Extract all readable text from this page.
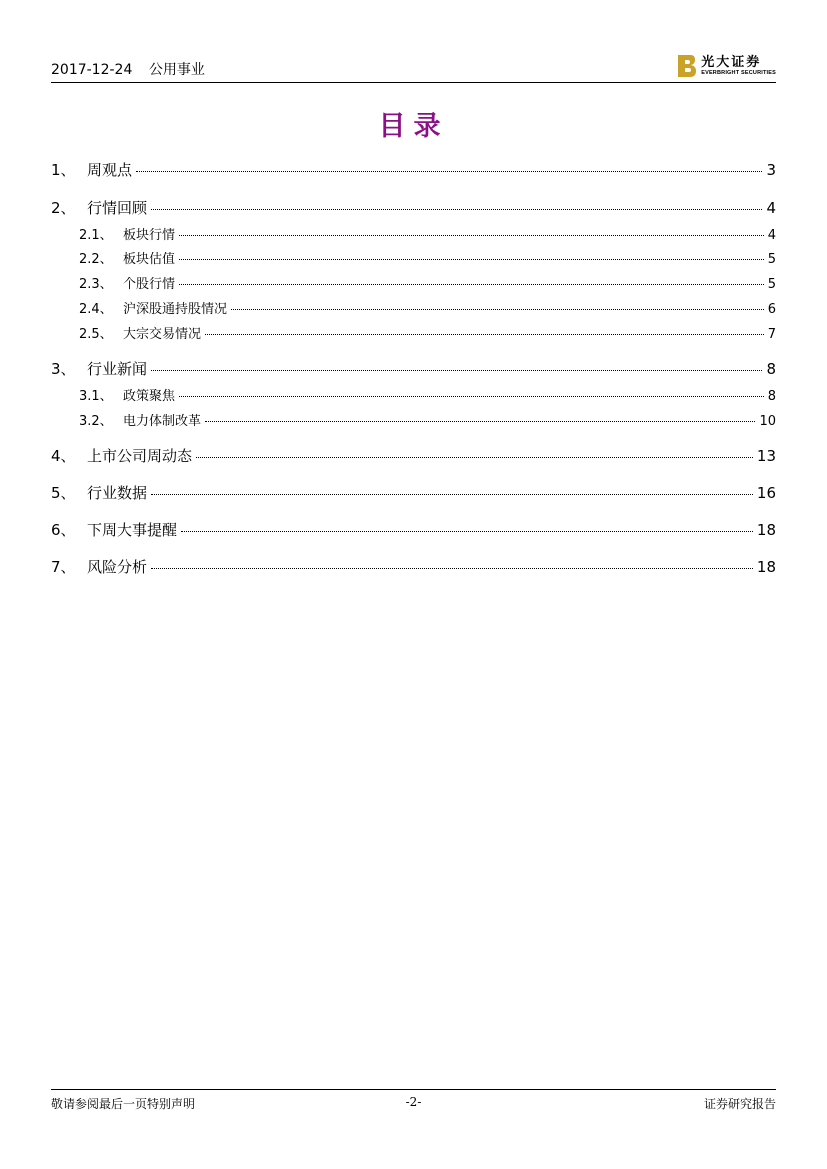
2017-12-24 公用事业	光大证券
EVERBRIGHT SECURITIES
目录
1、 周观点	3
2、 行情回顾	4
2.1、 板块行情	4
2.2、 板块估值	5
2.3、 个股行情	5
2.4、 沪深股通持股情况	6
2.5、 大宗交易情况	7
3、 行业新闻	8
3.1、 政策聚焦	8
3.2、 电力体制改革	10
4、 上市公司周动态	13
5、 行业数据	16
6、 下周大事提醒	18
7、 风险分析	18
敬请参阅最后一页特别声明	-2-	证券研究报告
